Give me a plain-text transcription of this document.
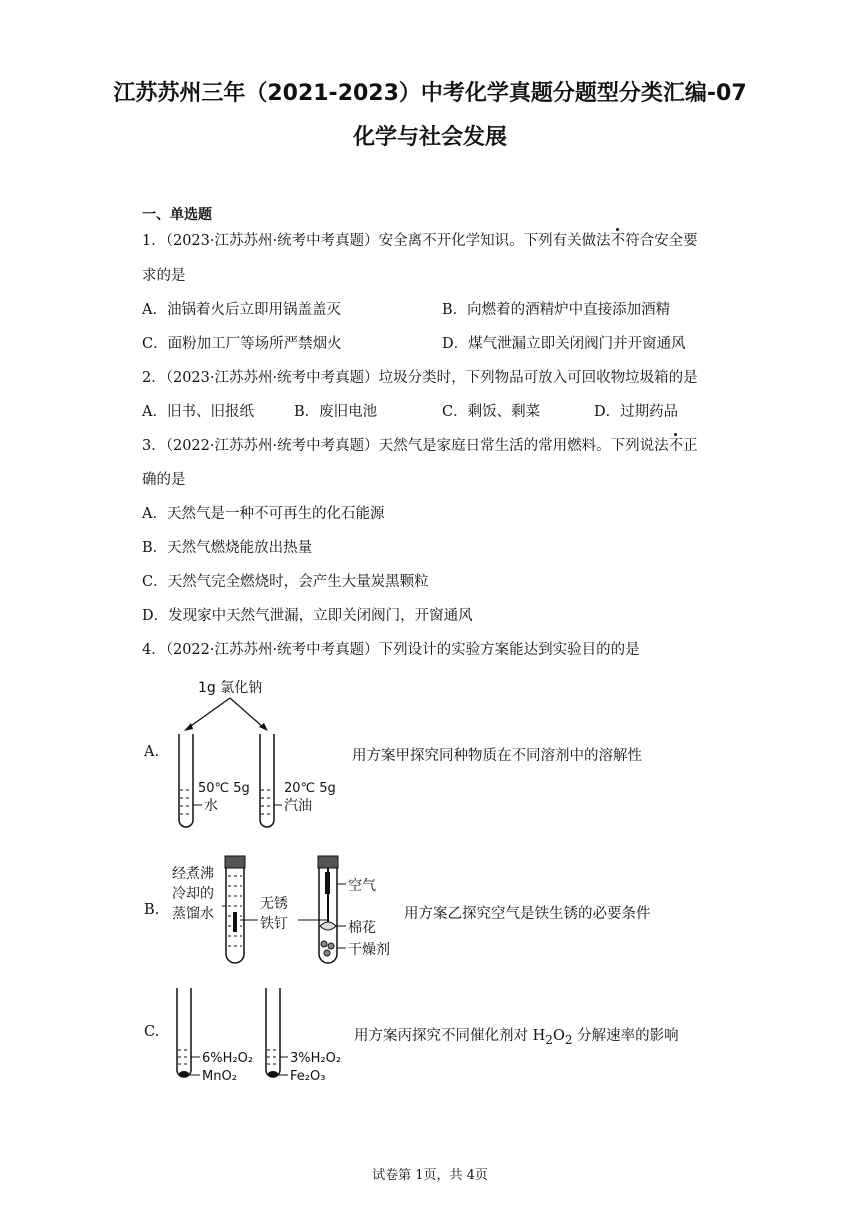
江苏苏州三年（2021-2023）中考化学真题分题型分类汇编-07
化学与社会发展
一、单选题
1．（2023·江苏苏州·统考中考真题）安全离不开化学知识。下列有关做法不符合安全要
求的是
A．油锅着火后立即用锅盖盖灭	B．向燃着的酒精炉中直接添加酒精
C．面粉加工厂等场所严禁烟火	D．煤气泄漏立即关闭阀门并开窗通风
2．（2023·江苏苏州·统考中考真题）垃圾分类时，下列物品可放入可回收物垃圾箱的是
A．旧书、旧报纸	B．废旧电池	C．剩饭、剩菜	D．过期药品
3．（2022·江苏苏州·统考中考真题）天然气是家庭日常生活的常用燃料。下列说法不正
确的是
A．天然气是一种不可再生的化石能源
B．天然气燃烧能放出热量
C．天然气完全燃烧时，会产生大量炭黑颗粒
D．发现家中天然气泄漏，立即关闭阀门，开窗通风
4．（2022·江苏苏州·统考中考真题）下列设计的实验方案能达到实验目的的是
A.	用方案甲探究同种物质在不同溶剂中的溶解性
1g 氯化钠
50℃ 5g
水
20℃ 5g
汽油
B.	用方案乙探究空气是铁生锈的必要条件
经煮沸
冷却的
蒸馏水
无锈
铁钉
空气
棉花
干燥剂
C.	用方案丙探究不同催化剂对 $H_2O_2$ 分解速率的影响
6%H₂O₂
MnO₂
3%H₂O₂
Fe₂O₃
试卷第 1页，共 4页
